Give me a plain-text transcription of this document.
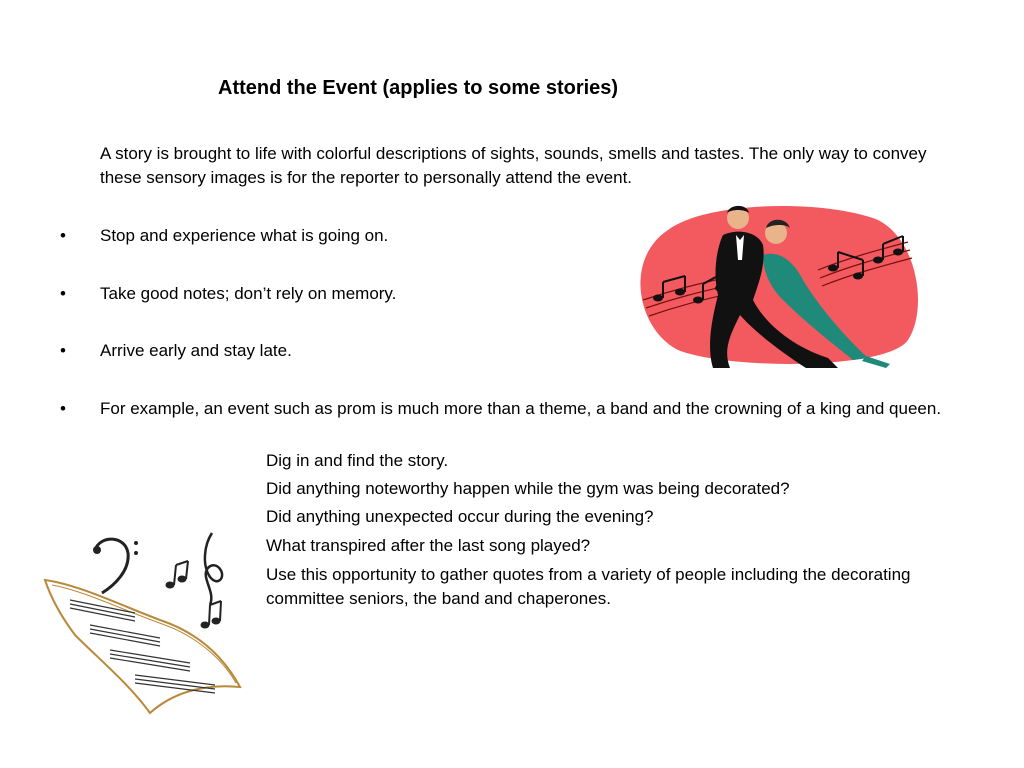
Attend the Event (applies to some stories)
A story is brought to life with colorful descriptions of sights, sounds, smells and tastes. The only way to convey these sensory images is for the reporter to personally attend the event.
• Stop and experience what is going on.
• Take good notes; don’t rely on memory.
• Arrive early and stay late.
• For example, an event such as prom is much more than a theme, a band and the crowning of a king and queen.
Dig in and find the story.
Did anything noteworthy happen while the gym was being decorated?
Did anything unexpected occur during the evening?
What transpired after the last song played?
Use this opportunity to gather quotes from a variety of people including the decorating committee seniors, the band and chaperones.
